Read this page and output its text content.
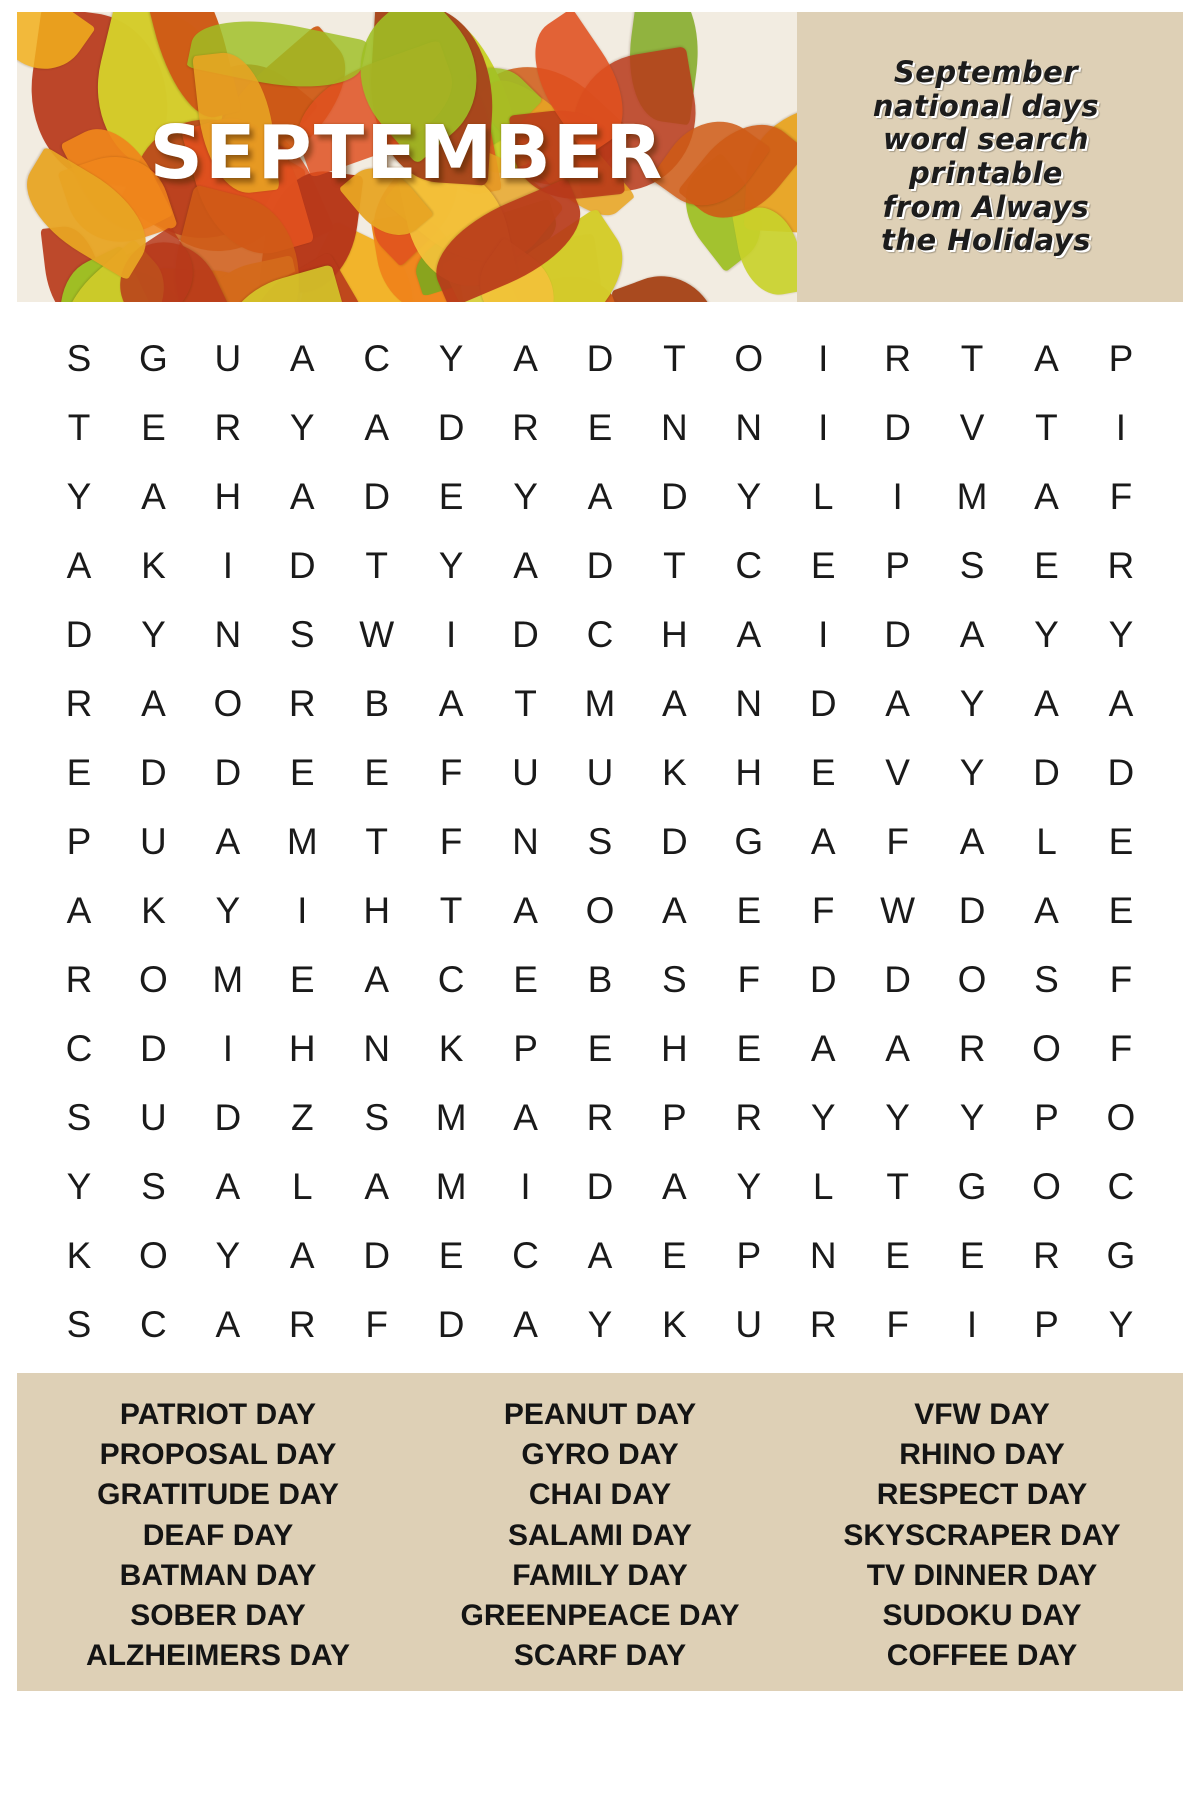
SEPTEMBER
September
national days
word search
printable
from Always
the Holidays
S	G	U	A	C	Y	A	D	T	O	I	R	T	A	P
T	E	R	Y	A	D	R	E	N	N	I	D	V	T	I
Y	A	H	A	D	E	Y	A	D	Y	L	I	M	A	F
A	K	I	D	T	Y	A	D	T	C	E	P	S	E	R
D	Y	N	S	W	I	D	C	H	A	I	D	A	Y	Y
R	A	O	R	B	A	T	M	A	N	D	A	Y	A	A
E	D	D	E	E	F	U	U	K	H	E	V	Y	D	D
P	U	A	M	T	F	N	S	D	G	A	F	A	L	E
A	K	Y	I	H	T	A	O	A	E	F	W	D	A	E
R	O	M	E	A	C	E	B	S	F	D	D	O	S	F
C	D	I	H	N	K	P	E	H	E	A	A	R	O	F
S	U	D	Z	S	M	A	R	P	R	Y	Y	Y	P	O
Y	S	A	L	A	M	I	D	A	Y	L	T	G	O	C
K	O	Y	A	D	E	C	A	E	P	N	E	E	R	G
S	C	A	R	F	D	A	Y	K	U	R	F	I	P	Y
PATRIOT DAY
PROPOSAL DAY
GRATITUDE DAY
DEAF DAY
BATMAN DAY
SOBER DAY
ALZHEIMERS DAY
PEANUT DAY
GYRO DAY
CHAI DAY
SALAMI DAY
FAMILY DAY
GREENPEACE DAY
SCARF DAY
VFW DAY
RHINO DAY
RESPECT DAY
SKYSCRAPER DAY
TV DINNER DAY
SUDOKU DAY
COFFEE DAY
